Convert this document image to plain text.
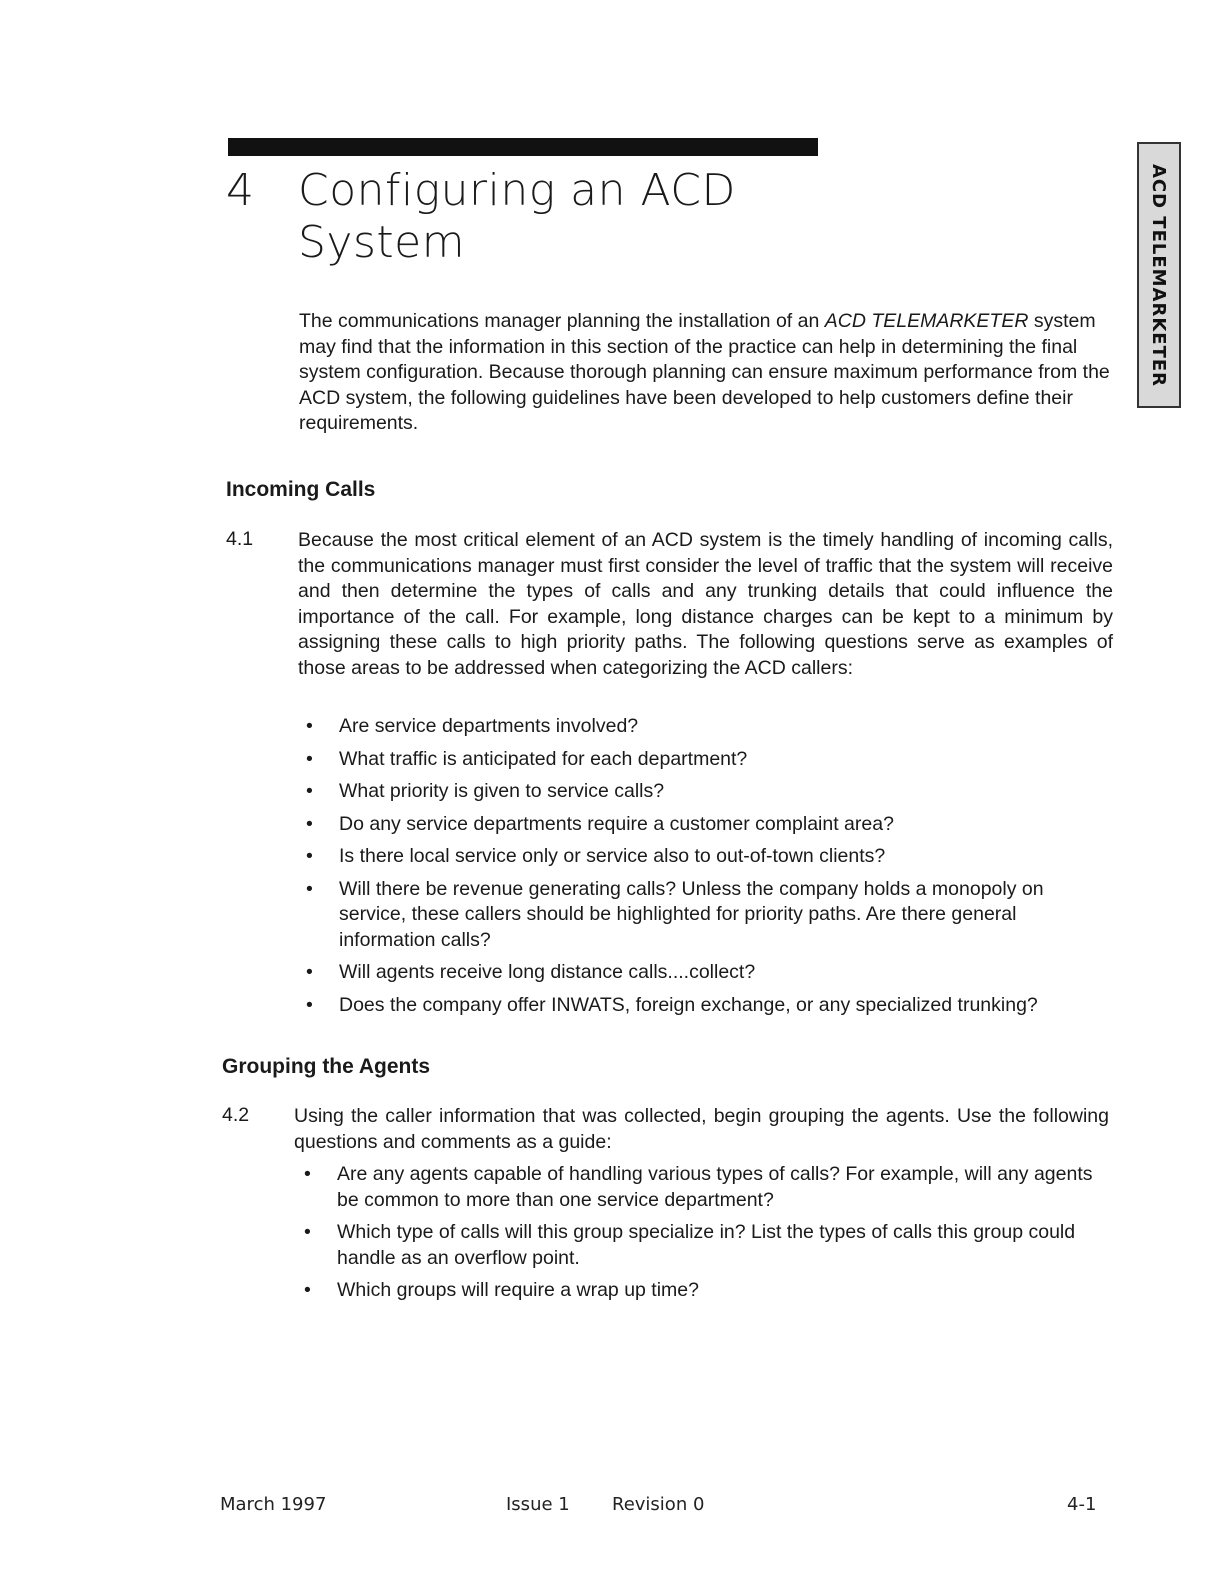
4 Configuring an ACD System	ACD TELEMARKETER
The communications manager planning the installation of an ACD TELEMARKETER system may find that the information in this section of the practice can help in determining the final system configuration. Because thorough planning can ensure maximum performance from the ACD system, the following guidelines have been developed to help customers define their requirements.
Incoming Calls
4.1 Because the most critical element of an ACD system is the timely handling of incoming calls, the communications manager must first consider the level of traffic that the system will receive and then determine the types of calls and any trunking details that could influence the importance of the call. For example, long distance charges can be kept to a minimum by assigning these calls to high priority paths. The following questions serve as examples of those areas to be addressed when categorizing the ACD callers:
• Are service departments involved?
• What traffic is anticipated for each department?
• What priority is given to service calls?
• Do any service departments require a customer complaint area?
• Is there local service only or service also to out-of-town clients?
• Will there be revenue generating calls? Unless the company holds a monopoly on service, these callers should be highlighted for priority paths. Are there general information calls?
• Will agents receive long distance calls....collect?
• Does the company offer INWATS, foreign exchange, or any specialized trunking?
Grouping the Agents
4.2 Using the caller information that was collected, begin grouping the agents. Use the following questions and comments as a guide:
• Are any agents capable of handling various types of calls? For example, will any agents be common to more than one service department?
• Which type of calls will this group specialize in? List the types of calls this group could handle as an overflow point.
• Which groups will require a wrap up time?
March 1997	Issue 1 Revision 0	4-1
